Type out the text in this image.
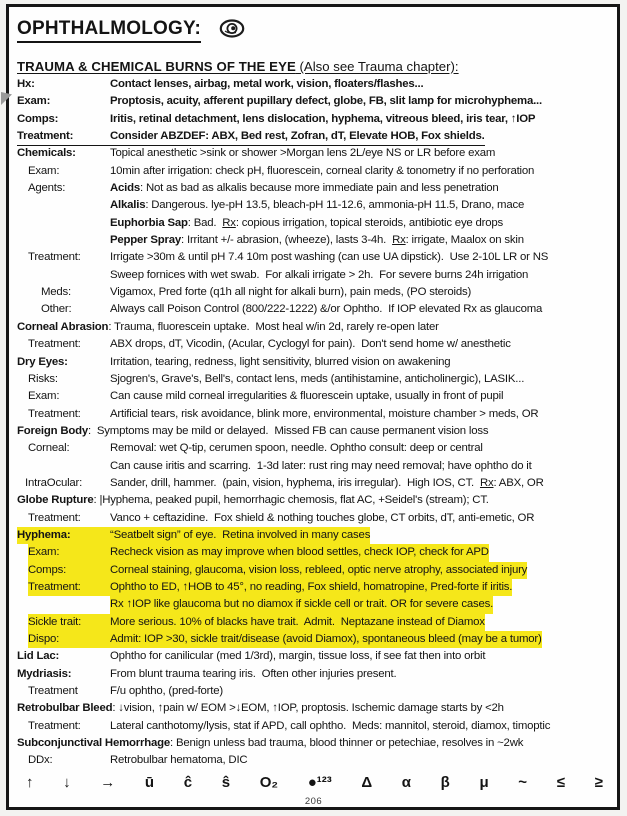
OPHTHALMOLOGY:
TRAUMA & CHEMICAL BURNS OF THE EYE (Also see Trauma chapter):
Hx:	Contact lenses, airbag, metal work, vision, floaters/flashes...
Exam:	Proptosis, acuity, afferent pupillary defect, globe, FB, slit lamp for microhyphema...
Comps:	Iritis, retinal detachment, lens dislocation, hyphema, vitreous bleed, iris tear, ↑IOP
Treatment:	Consider ABZDEF: ABX, Bed rest, Zofran, dT, Elevate HOB, Fox shields.
Chemicals:	Topical anesthetic >sink or shower >Morgan lens 2L/eye NS or LR before exam
Exam:	10min after irrigation: check pH, fluorescein, corneal clarity & tonometry if no perforation
Agents:	Acids: Not as bad as alkalis because more immediate pain and less penetration
Alkalis: Dangerous. lye-pH 13.5, bleach-pH 11-12.6, ammonia-pH 11.5, Drano, mace
Euphorbia Sap: Bad.  Rx: copious irrigation, topical steroids, antibiotic eye drops
Pepper Spray: Irritant +/- abrasion, (wheeze), lasts 3-4h.  Rx: irrigate, Maalox on skin
Treatment:	Irrigate >30m & until pH 7.4 10m post washing (can use UA dipstick).  Use 2-10L LR or NS
Sweep fornices with wet swab.  For alkali irrigate > 2h.  For severe burns 24h irrigation
Meds:	Vigamox, Pred forte (q1h all night for alkali burn), pain meds, (PO steroids)
Other:	Always call Poison Control (800/222-1222) &/or Ophtho.  If IOP elevated Rx as glaucoma
Corneal Abrasion : Trauma, fluorescein uptake.  Most heal w/in 2d, rarely re-open later
Treatment:	ABX drops, dT, Vicodin, (Acular, Cyclogyl for pain).  Don't send home w/ anesthetic
Dry Eyes:	Irritation, tearing, redness, light sensitivity, blurred vision on awakening
Risks:	Sjogren's, Grave's, Bell's, contact lens, meds (antihistamine, anticholinergic), LASIK...
Exam:	Can cause mild corneal irregularities & fluorescein uptake, usually in front of pupil
Treatment:	Artificial tears, risk avoidance, blink more, environmental, moisture chamber > meds, OR
Foreign Body :  Symptoms may be mild or delayed.  Missed FB can cause permanent vision loss
Corneal:	Removal: wet Q-tip, cerumen spoon, needle. Ophtho consult: deep or central
Can cause iritis and scarring.  1-3d later: rust ring may need removal; have ophtho do it
IntraOcular:	Sander, drill, hammer.  (pain, vision, hyphema, iris irregular).  High IOS, CT.  Rx: ABX, OR
Globe Rupture : |Hyphema, peaked pupil, hemorrhagic chemosis, flat AC, +Seidel's (stream); CT.
Treatment:	Vanco + ceftazidine.  Fox shield & nothing touches globe, CT orbits, dT, anti-emetic, OR
Hyphema:	“Seatbelt sign” of eye.  Retina involved in many cases
Exam:	Recheck vision as may improve when blood settles, check IOP, check for APD
Comps:	Corneal staining, glaucoma, vision loss, rebleed, optic nerve atrophy, associated injury
Treatment:	Ophtho to ED, ↑HOB to 45°, no reading, Fox shield, homatropine, Pred-forte if iritis.
Rx ↑IOP like glaucoma but no diamox if sickle cell or trait. OR for severe cases.
Sickle trait:	More serious. 10% of blacks have trait.  Admit.  Neptazane instead of Diamox
Dispo:	Admit: IOP >30, sickle trait/disease (avoid Diamox), spontaneous bleed (may be a tumor)
Lid Lac:	Ophtho for canilicular (med 1/3rd), margin, tissue loss, if see fat then into orbit
Mydriasis:	From blunt trauma tearing iris.  Often other injuries present.
Treatment	F/u ophtho, (pred-forte)
Retrobulbar Bleed : ↓vision, ↑pain w/ EOM >↓EOM, ↑IOP, proptosis. Ischemic damage starts by <2h
Treatment:	Lateral canthotomy/lysis, stat if APD, call ophtho.  Meds: mannitol, steroid, diamox, timoptic
Subconjunctival Hemorrhage : Benign unless bad trauma, blood thinner or petechiae, resolves in ~2wk
DDx:	Retrobulbar hematoma, DIC
↑ ↓ → ū ĉ ŝ O₂ ●¹²³ Δ α β μ ~ ≤ ≥
206
